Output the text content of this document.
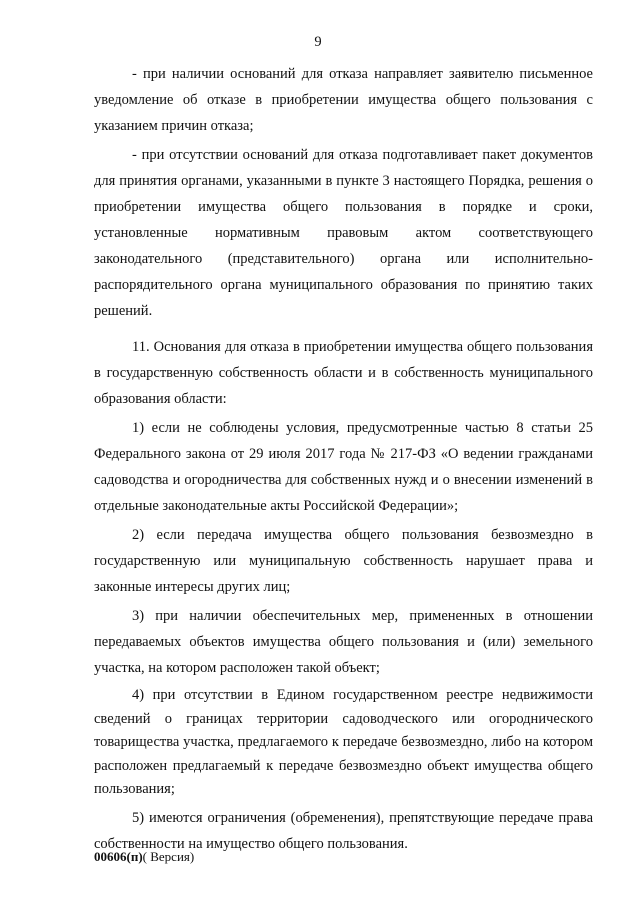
9

- при наличии оснований для отказа направляет заявителю письменное уведомление об отказе в приобретении имущества общего пользования с указанием причин отказа;

- при отсутствии оснований для отказа подготавливает пакет документов для принятия органами, указанными в пункте 3 настоящего Порядка, решения о приобретении имущества общего пользования в порядке и сроки, установленные нормативным правовым актом соответствующего законодательного (представительного) органа или исполнительно-распорядительного органа муниципального образования по принятию таких решений.

11. Основания для отказа в приобретении имущества общего пользования в государственную собственность области и в собственность муниципального образования области:

1) если не соблюдены условия, предусмотренные частью 8 статьи 25 Федерального закона от 29 июля 2017 года № 217-ФЗ «О ведении гражданами садоводства и огородничества для собственных нужд и о внесении изменений в отдельные законодательные акты Российской Федерации»;

2) если передача имущества общего пользования безвозмездно в государственную или муниципальную собственность нарушает права и законные интересы других лиц;

3) при наличии обеспечительных мер, примененных в отношении передаваемых объектов имущества общего пользования и (или) земельного участка, на котором расположен такой объект;

4) при отсутствии в Едином государственном реестре недвижимости сведений о границах территории садоводческого или огороднического товарищества участка, предлагаемого к передаче безвозмездно, либо на котором расположен предлагаемый к передаче безвозмездно объект имущества общего пользования;

5) имеются ограничения (обременения), препятствующие передаче права собственности на имущество общего пользования.

00606(п)( Версия)
